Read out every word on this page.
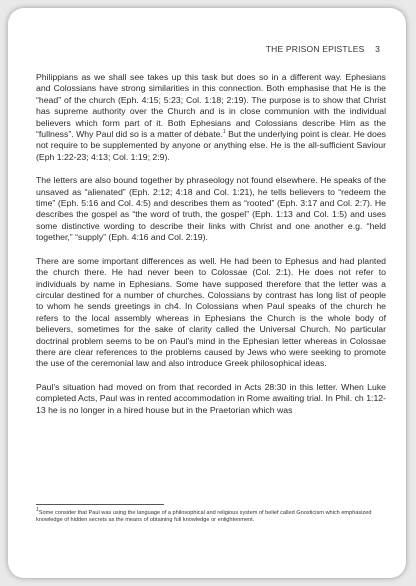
THE PRISON EPISTLES 3

Philippians as we shall see takes up this task but does so in a different way. Ephesians and Colossians have strong similarities in this connection. Both emphasise that He is the “head” of the church (Eph. 4:15; 5:23; Col. 1:18; 2:19). The purpose is to show that Christ has supreme authority over the Church and is in close communion with the individual believers which form part of it. Both Ephesians and Colossians describe Him as the “fullness”. Why Paul did so is a matter of debate.$^1$ But the underlying point is clear. He does not require to be supplemented by anyone or anything else. He is the all-sufficient Saviour (Eph 1:22-23; 4:13; Col. 1:19; 2:9).

The letters are also bound together by phraseology not found elsewhere. He speaks of the unsaved as “alienated” (Eph. 2:12; 4:18 and Col. 1:21), he tells believers to “redeem the time” (Eph. 5:16 and Col. 4:5) and describes them as “rooted” (Eph. 3:17 and Col. 2:7). He describes the gospel as “the word of truth, the gospel” (Eph. 1:13 and Col. 1:5) and uses some distinctive wording to describe their links with Christ and one another e.g. “held together,” “supply” (Eph. 4:16 and Col. 2:19).

There are some important differences as well. He had been to Ephesus and had planted the church there. He had never been to Colossae (Col. 2:1). He does not refer to individuals by name in Ephesians. Some have supposed therefore that the letter was a circular destined for a number of churches. Colossians by contrast has long list of people to whom he sends greetings in ch4. In Colossians when Paul speaks of the church he refers to the local assembly whereas in Ephesians the Church is the whole body of believers, sometimes for the sake of clarity called the Universal Church. No particular doctrinal problem seems to be on Paul’s mind in the Ephesian letter whereas in Colossae there are clear references to the problems caused by Jews who were seeking to promote the use of the ceremonial law and also introduce Greek philosophical ideas.

Paul’s situation had moved on from that recorded in Acts 28:30 in this letter. When Luke completed Acts, Paul was in rented accommodation in Rome awaiting trial. In Phil. ch 1:12-13 he is no longer in a hired house but in the Praetorian which was

$^1$Some consider that Paul was using the language of a philosophical and religious system of belief called Gnosticism which emphasized knowledge of hidden secrets as the means of obtaining full knowledge or enlightenment.
